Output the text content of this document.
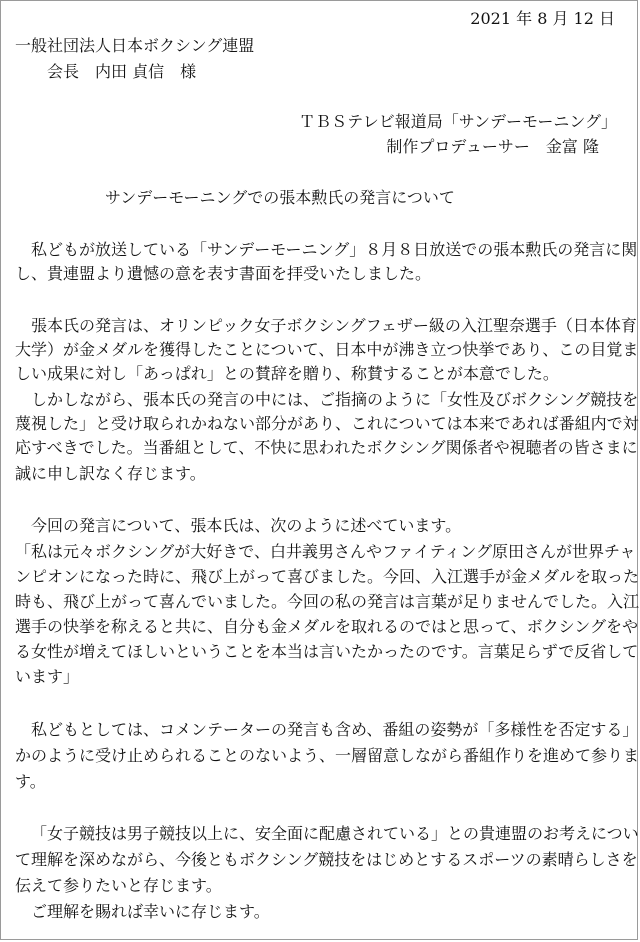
2021 年 8 月 12 日
一般社団法人日本ボクシング連盟
会長　内田 貞信　様
ＴＢＳテレビ報道局「サンデーモーニング」
制作プロデューサー　金富 隆
サンデーモーニングでの張本勲氏の発言について
私どもが放送している「サンデーモーニング」８月８日放送での張本勲氏の発言に関
し、貴連盟より遺憾の意を表す書面を拝受いたしました。
張本氏の発言は、オリンピック女子ボクシングフェザー級の入江聖奈選手（日本体育
大学）が金メダルを獲得したことについて、日本中が沸き立つ快挙であり、この目覚ま
しい成果に対し「あっぱれ」との賛辞を贈り、称賛することが本意でした。
しかしながら、張本氏の発言の中には、ご指摘のように「女性及びボクシング競技を
蔑視した」と受け取られかねない部分があり、これについては本来であれば番組内で対
応すべきでした。当番組として、不快に思われたボクシング関係者や視聴者の皆さまに
誠に申し訳なく存じます。
今回の発言について、張本氏は、次のように述べています。
「私は元々ボクシングが大好きで、白井義男さんやファイティング原田さんが世界チャ
ンピオンになった時に、飛び上がって喜びました。今回、入江選手が金メダルを取った
時も、飛び上がって喜んでいました。今回の私の発言は言葉が足りませんでした。入江
選手の快挙を称えると共に、自分も金メダルを取れるのではと思って、ボクシングをや
る女性が増えてほしいということを本当は言いたかったのです。言葉足らずで反省して
います」
私どもとしては、コメンテーターの発言も含め、番組の姿勢が「多様性を否定する」
かのように受け止められることのないよう、一層留意しながら番組作りを進めて参りま
す。
「女子競技は男子競技以上に、安全面に配慮されている」との貴連盟のお考えについ
て理解を深めながら、今後ともボクシング競技をはじめとするスポーツの素晴らしさを
伝えて参りたいと存じます。
ご理解を賜れば幸いに存じます。
